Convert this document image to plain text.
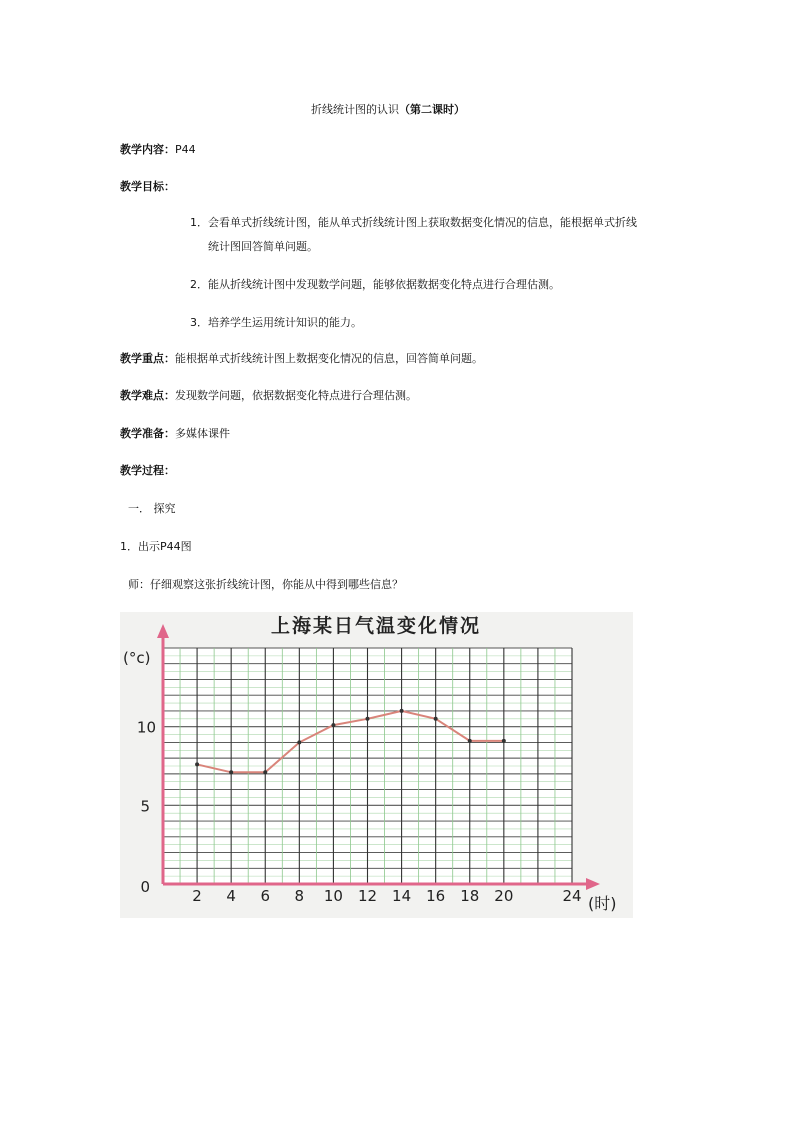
折线统计图的认识（第二课时）
教学内容：P44
教学目标：
1．会看单式折线统计图，能从单式折线统计图上获取数据变化情况的信息，能根据单式折线
统计图回答简单问题。
2．能从折线统计图中发现数学问题，能够依据数据变化特点进行合理估测。
3．培养学生运用统计知识的能力。
教学重点：能根据单式折线统计图上数据变化情况的信息，回答简单问题。
教学难点：发现数学问题，依据数据变化特点进行合理估测。
教学准备：多媒体课件
教学过程：
一． 探究
1．出示P44图
师：仔细观察这张折线统计图，你能从中得到哪些信息？
上海某日气温变化情况
(°c)
(时)
0
5
10
2 4 6 8 10 12 14 16 18 20	24
